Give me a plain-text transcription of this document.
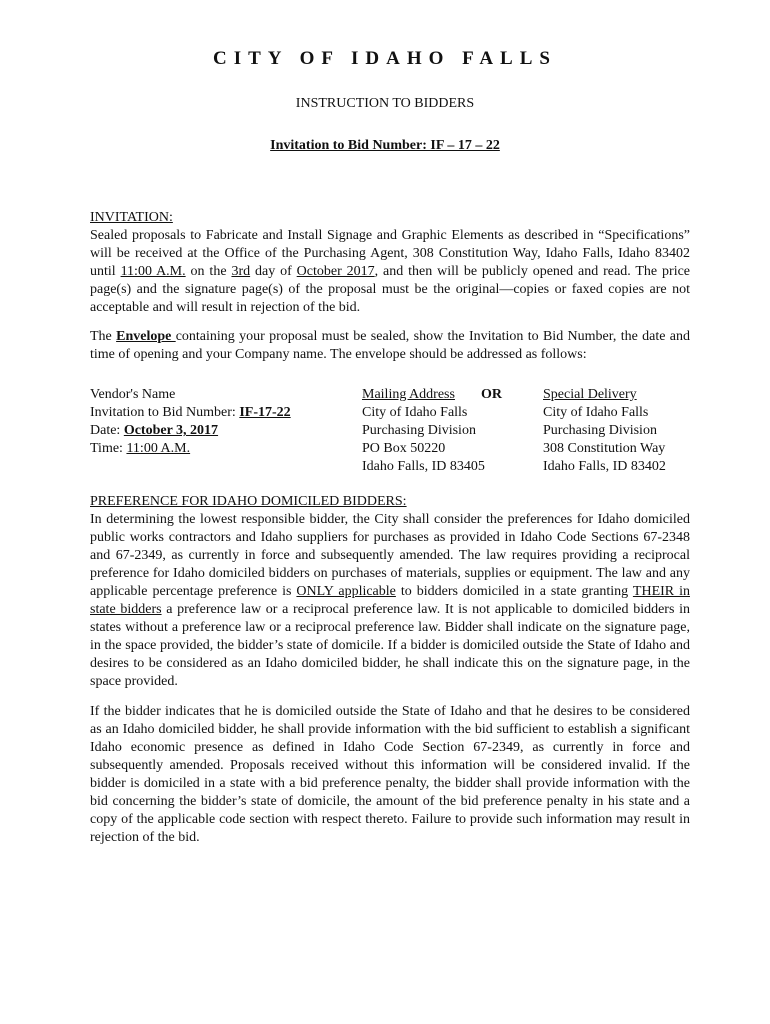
CITY OF IDAHO FALLS
INSTRUCTION TO BIDDERS
Invitation to Bid Number: IF – 17 – 22

INVITATION:

Sealed proposals to Fabricate and Install Signage and Graphic Elements as described in “Specifications” will be received at the Office of the Purchasing Agent, 308 Constitution Way, Idaho Falls, Idaho 83402 until 11:00 A.M. on the 3rd day of October 2017, and then will be publicly opened and read. The price page(s) and the signature page(s) of the proposal must be the original—copies or faxed copies are not acceptable and will result in rejection of the bid.

The Envelope containing your proposal must be sealed, show the Invitation to Bid Number, the date and time of opening and your Company name. The envelope should be addressed as follows:

Vendor's Name
Invitation to Bid Number: IF-17-22
Date: October 3, 2017
Time: 11:00 A.M.
Mailing Address OR
City of Idaho Falls
Purchasing Division
PO Box 50220
Idaho Falls, ID 83405
Special Delivery
City of Idaho Falls
Purchasing Division
308 Constitution Way
Idaho Falls, ID 83402

PREFERENCE FOR IDAHO DOMICILED BIDDERS:

In determining the lowest responsible bidder, the City shall consider the preferences for Idaho domiciled public works contractors and Idaho suppliers for purchases as provided in Idaho Code Sections 67-2348 and 67-2349, as currently in force and subsequently amended. The law requires providing a reciprocal preference for Idaho domiciled bidders on purchases of materials, supplies or equipment. The law and any applicable percentage preference is ONLY applicable to bidders domiciled in a state granting THEIR in state bidders a preference law or a reciprocal preference law. It is not applicable to domiciled bidders in states without a preference law or a reciprocal preference law. Bidder shall indicate on the signature page, in the space provided, the bidder’s state of domicile. If a bidder is domiciled outside the State of Idaho and desires to be considered as an Idaho domiciled bidder, he shall indicate this on the signature page, in the space provided.

If the bidder indicates that he is domiciled outside the State of Idaho and that he desires to be considered as an Idaho domiciled bidder, he shall provide information with the bid sufficient to establish a significant Idaho economic presence as defined in Idaho Code Section 67-2349, as currently in force and subsequently amended. Proposals received without this information will be considered invalid. If the bidder is domiciled in a state with a bid preference penalty, the bidder shall provide information with the bid concerning the bidder’s state of domicile, the amount of the bid preference penalty in his state and a copy of the applicable code section with respect thereto. Failure to provide such information may result in rejection of the bid.
